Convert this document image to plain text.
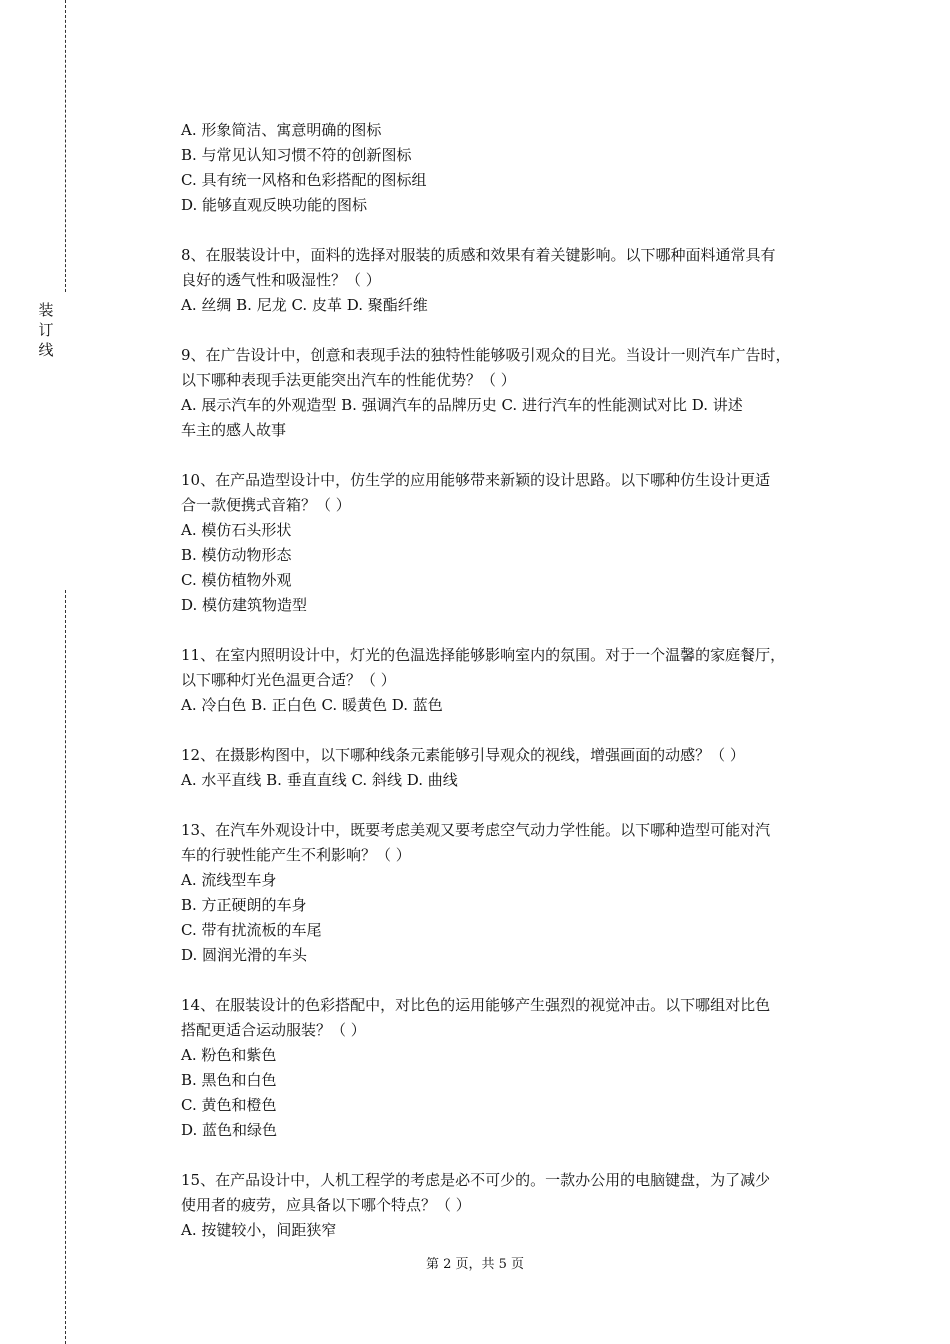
装
订
线
A. 形象简洁、寓意明确的图标
B. 与常见认知习惯不符的创新图标
C. 具有统一风格和色彩搭配的图标组
D. 能够直观反映功能的图标
8、在服装设计中，面料的选择对服装的质感和效果有着关键影响。以下哪种面料通常具有
良好的透气性和吸湿性？（ ）
A. 丝绸 B. 尼龙 C. 皮革 D. 聚酯纤维
9、在广告设计中，创意和表现手法的独特性能够吸引观众的目光。当设计一则汽车广告时，
以下哪种表现手法更能突出汽车的性能优势？（ ）
A. 展示汽车的外观造型 B. 强调汽车的品牌历史 C. 进行汽车的性能测试对比 D. 讲述
车主的感人故事
10、在产品造型设计中，仿生学的应用能够带来新颖的设计思路。以下哪种仿生设计更适
合一款便携式音箱？（ ）
A. 模仿石头形状
B. 模仿动物形态
C. 模仿植物外观
D. 模仿建筑物造型
11、在室内照明设计中，灯光的色温选择能够影响室内的氛围。对于一个温馨的家庭餐厅，
以下哪种灯光色温更合适？（ ）
A. 冷白色 B. 正白色 C. 暖黄色 D. 蓝色
12、在摄影构图中，以下哪种线条元素能够引导观众的视线，增强画面的动感？（ ）
A. 水平直线 B. 垂直直线 C. 斜线 D. 曲线
13、在汽车外观设计中，既要考虑美观又要考虑空气动力学性能。以下哪种造型可能对汽
车的行驶性能产生不利影响？（ ）
A. 流线型车身
B. 方正硬朗的车身
C. 带有扰流板的车尾
D. 圆润光滑的车头
14、在服装设计的色彩搭配中，对比色的运用能够产生强烈的视觉冲击。以下哪组对比色
搭配更适合运动服装？（ ）
A. 粉色和紫色
B. 黑色和白色
C. 黄色和橙色
D. 蓝色和绿色
15、在产品设计中，人机工程学的考虑是必不可少的。一款办公用的电脑键盘，为了减少
使用者的疲劳，应具备以下哪个特点？（ ）
A. 按键较小，间距狭窄
第 2 页，共 5 页
